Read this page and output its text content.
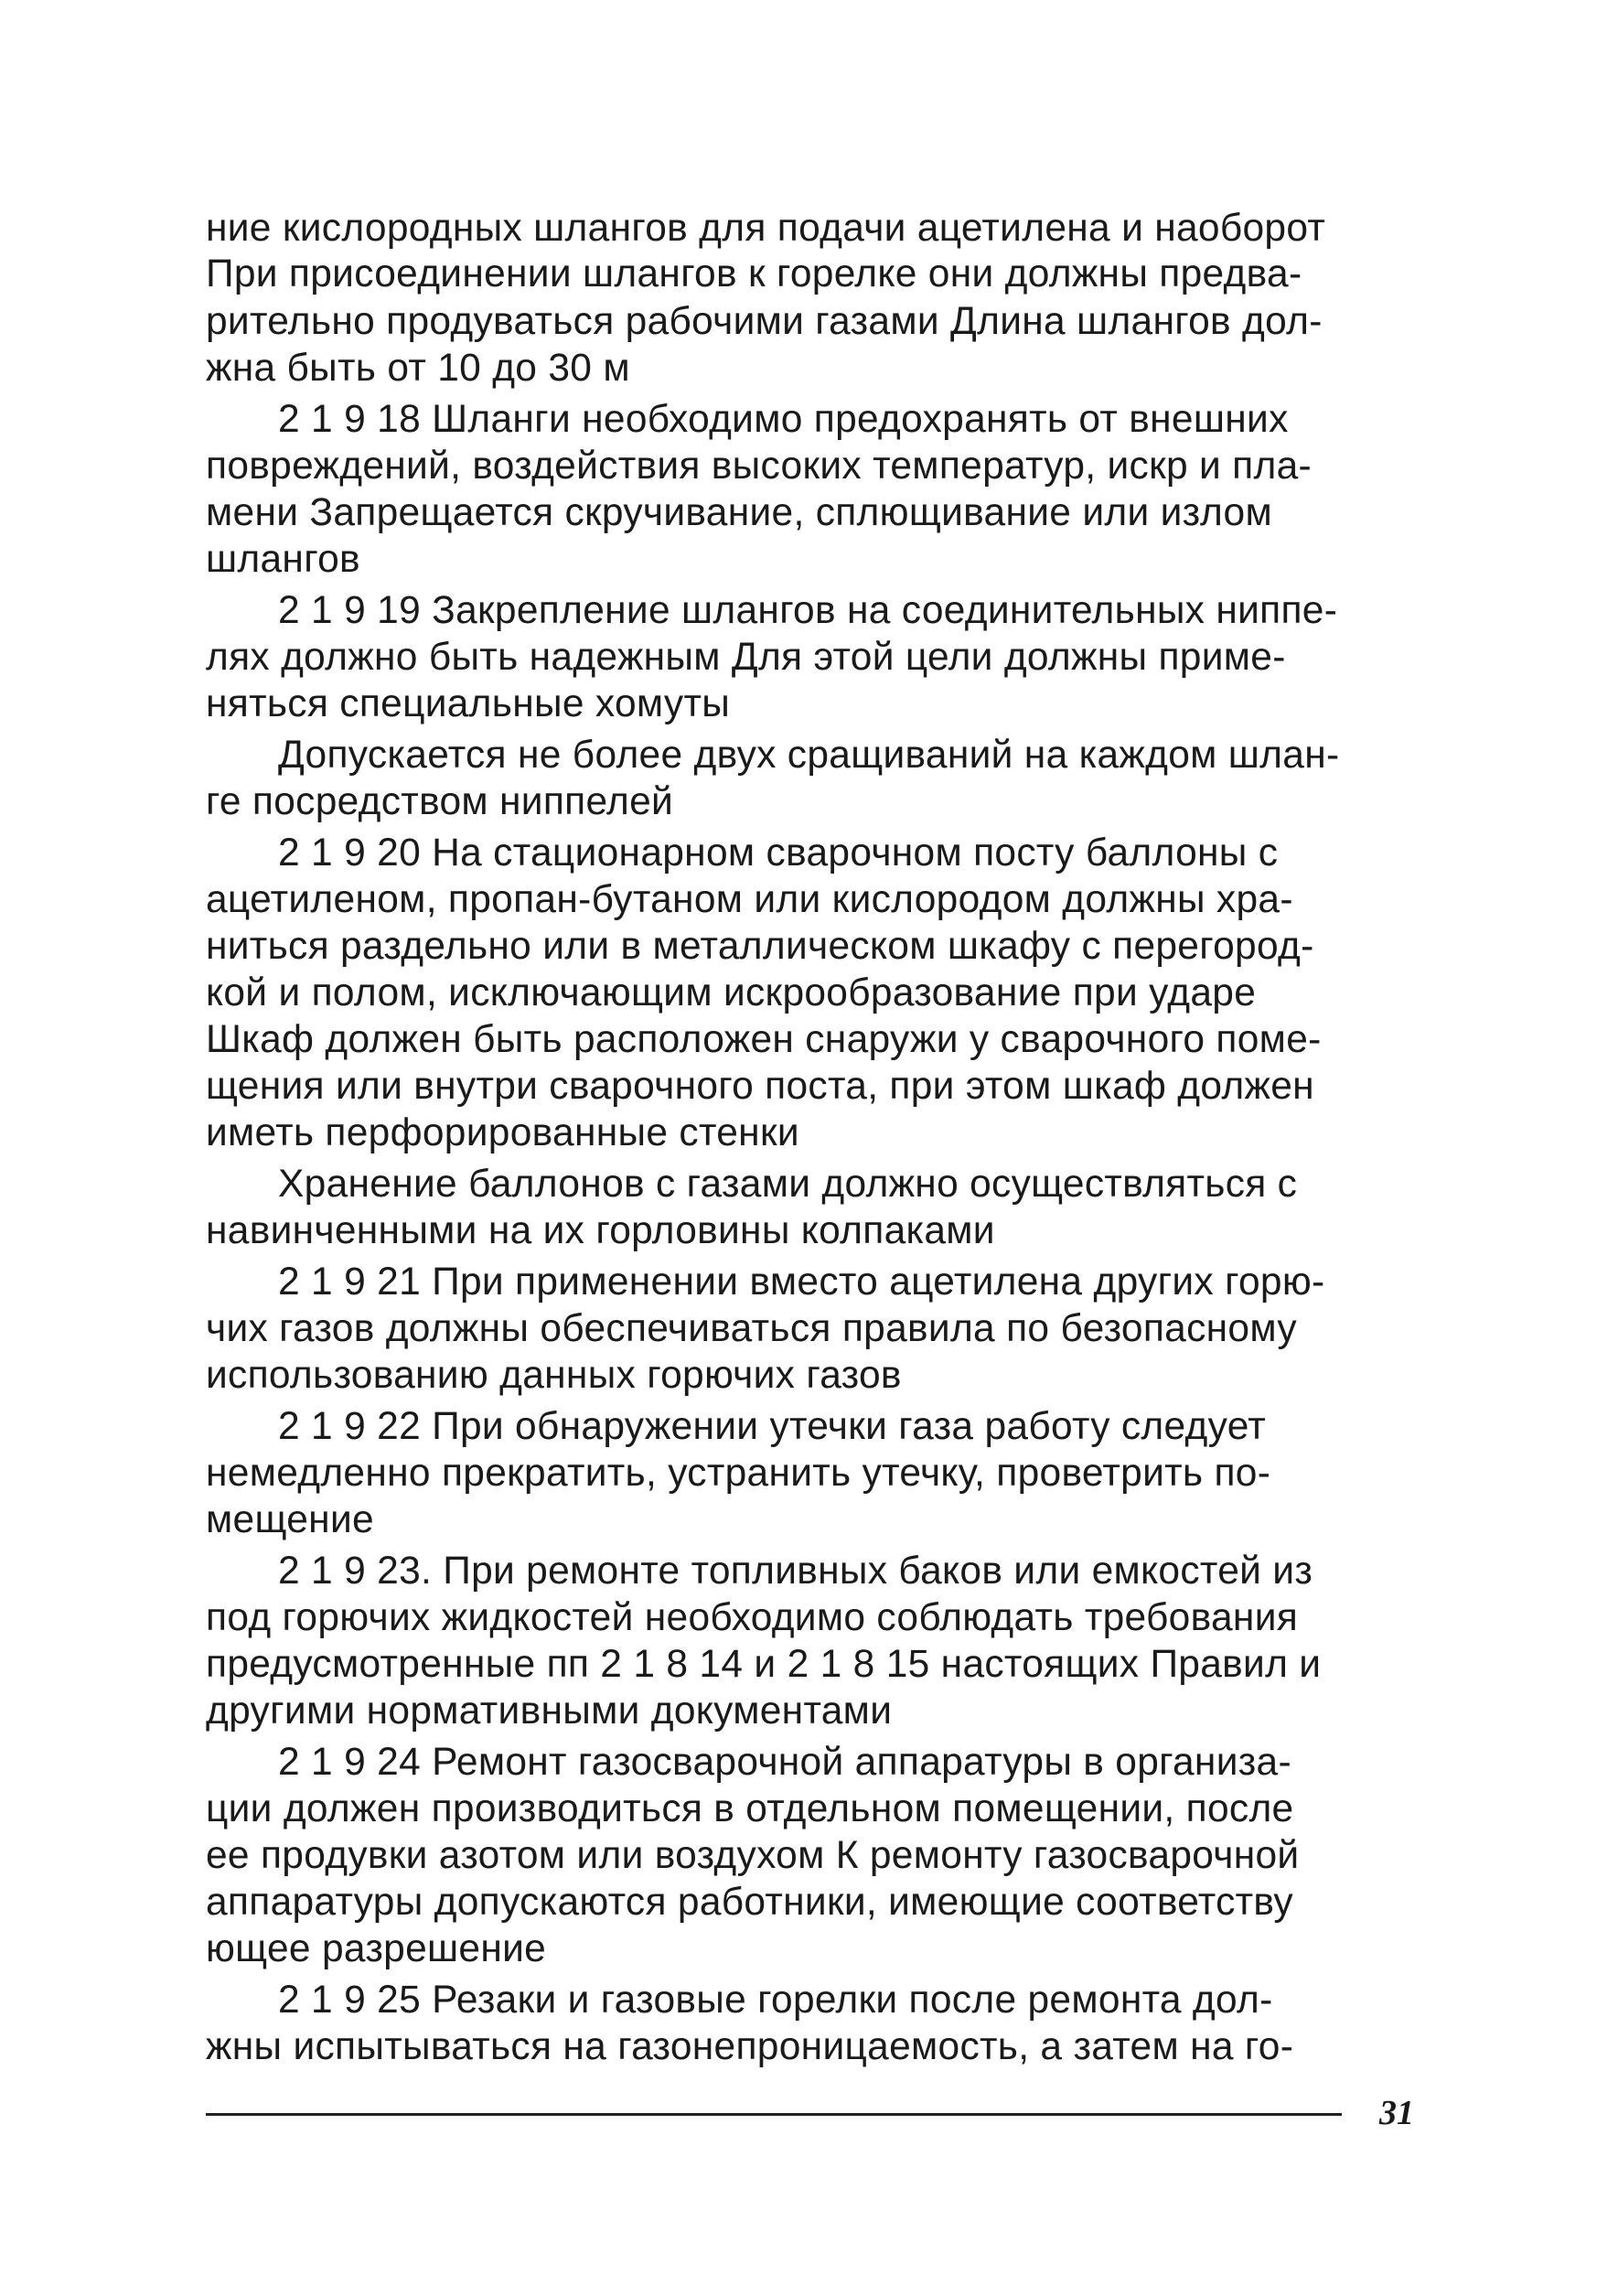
ние кислородных шлангов для подачи ацетилена и наоборот
При присоединении шлангов к горелке они должны предва-
рительно продуваться рабочими газами Длина шлангов дол-
жна быть от 10 до 30 м
2 1 9 18 Шланги необходимо предохранять от внешних
повреждений, воздействия высоких температур, искр и пла-
мени Запрещается скручивание, сплющивание или излом
шлангов
2 1 9 19 Закрепление шлангов на соединительных ниппе-
лях должно быть надежным Для этой цели должны приме-
няться специальные хомуты
Допускается не более двух сращиваний на каждом шлан-
ге посредством ниппелей
2 1 9 20 На стационарном сварочном посту баллоны с
ацетиленом, пропан-бутаном или кислородом должны хра-
ниться раздельно или в металлическом шкафу с перегород-
кой и полом, исключающим искрообразование при ударе
Шкаф должен быть расположен снаружи у сварочного поме-
щения или внутри сварочного поста, при этом шкаф должен
иметь перфорированные стенки
Хранение баллонов с газами должно осуществляться с
навинченными на их горловины колпаками
2 1 9 21 При применении вместо ацетилена других горю-
чих газов должны обеспечиваться правила по безопасному
использованию данных горючих газов
2 1 9 22 При обнаружении утечки газа работу следует
немедленно прекратить, устранить утечку, проветрить по-
мещение
2 1 9 23. При ремонте топливных баков или емкостей из
под горючих жидкостей необходимо соблюдать требования
предусмотренные пп 2 1 8 14 и 2 1 8 15 настоящих Правил и
другими нормативными документами
2 1 9 24 Ремонт газосварочной аппаратуры в организа-
ции должен производиться в отдельном помещении, после
ее продувки азотом или воздухом К ремонту газосварочной
аппаратуры допускаются работники, имеющие соответству
ющее разрешение
2 1 9 25 Резаки и газовые горелки после ремонта дол-
жны испытываться на газонепроницаемость, а затем на го-
31
